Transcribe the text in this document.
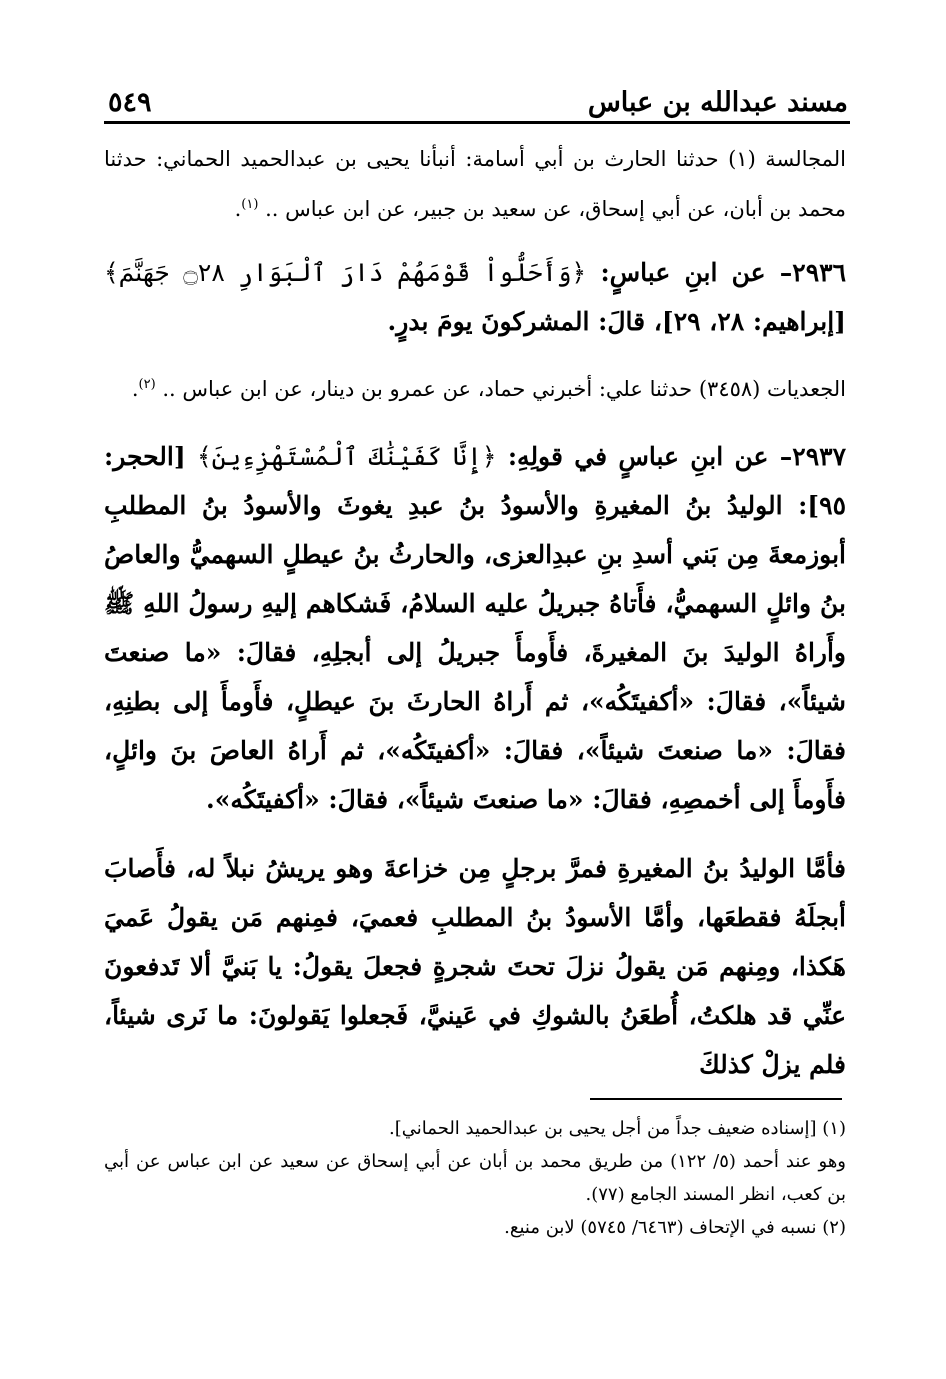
٥٤٩	مسند عبدالله بن عباس

المجالسة (١) حدثنا الحارث بن أبي أسامة: أنبأنا يحيى بن عبدالحميد الحماني: حدثنا محمد بن أبان، عن أبي إسحاق، عن سعيد بن جبير، عن ابن عباس .. $^{(١)}$.

٢٩٣٦– عن ابنِ عباسٍ: ﴿وَأَحَلُّواْ قَوْمَهُمْ دَارَ ٱلْبَوَارِ ۝٢٨ جَهَنَّمَ﴾ [إبراهيم: ٢٨، ٢٩]، قالَ: المشركونَ يومَ بدرٍ.

الجعديات (٣٤٥٨) حدثنا علي: أخبرني حماد، عن عمرو بن دينار، عن ابن عباس .. $^{(٢)}$.

٢٩٣٧– عن ابنِ عباسٍ في قولِهِ: ﴿إِنَّا كَفَيْنَٰكَ ٱلْمُسْتَهْزِءِينَ﴾ [الحجر: ٩٥]: الوليدُ بنُ المغيرةِ والأسودُ بنُ عبدِ يغوثَ والأسودُ بنُ المطلبِ أبوزمعةَ مِن بَني أسدِ بنِ عبدِالعزى، والحارثُ بنُ عيطلٍ السهميُّ والعاصُ بنُ وائلٍ السهميُّ، فأَتاهُ جبريلُ عليه السلامُ، فَشكاهم إليهِ رسولُ اللهِ ﷺ وأَراهُ الوليدَ بنَ المغيرةَ، فأَومأَ جبريلُ إلى أبجلِهِ، فقالَ: «ما صنعتَ شيئاً»، فقالَ: «أكفيتَكُه»، ثم أَراهُ الحارثَ بنَ عيطلٍ، فأَومأَ إلى بطنِهِ، فقالَ: «ما صنعتَ شيئاً»، فقالَ: «أكفيتَكُه»، ثم أَراهُ العاصَ بنَ وائلٍ، فأَومأَ إلى أخمصِهِ، فقالَ: «ما صنعتَ شيئاً»، فقالَ: «أكفيتَكُه».

فأمَّا الوليدُ بنُ المغيرةِ فمرَّ برجلٍ مِن خزاعةَ وهو يريشُ نبلاً له، فأَصابَ أبجلَهُ فقطعَها، وأمَّا الأسودُ بنُ المطلبِ فعميَ، فمِنهم مَن يقولُ عَميَ هَكذا، ومِنهم مَن يقولُ نزلَ تحتَ شجرةٍ فجعلَ يقولُ: يا بَنيَّ ألا تَدفعونَ عنِّي قد هلكتُ، أُطعَنُ بالشوكِ في عَينيَّ، فَجعلوا يَقولونَ: ما نَرى شيئاً، فلم يزلْ كذلكَ

(١) [إسناده ضعيف جداً من أجل يحيى بن عبدالحميد الحماني].

وهو عند أحمد (٥/ ١٢٢) من طريق محمد بن أبان عن أبي إسحاق عن سعيد عن ابن عباس عن أبي بن كعب، انظر المسند الجامع (٧٧).

(٢) نسبه في الإتحاف (٦٤٦٣/ ٥٧٤٥) لابن منيع.
